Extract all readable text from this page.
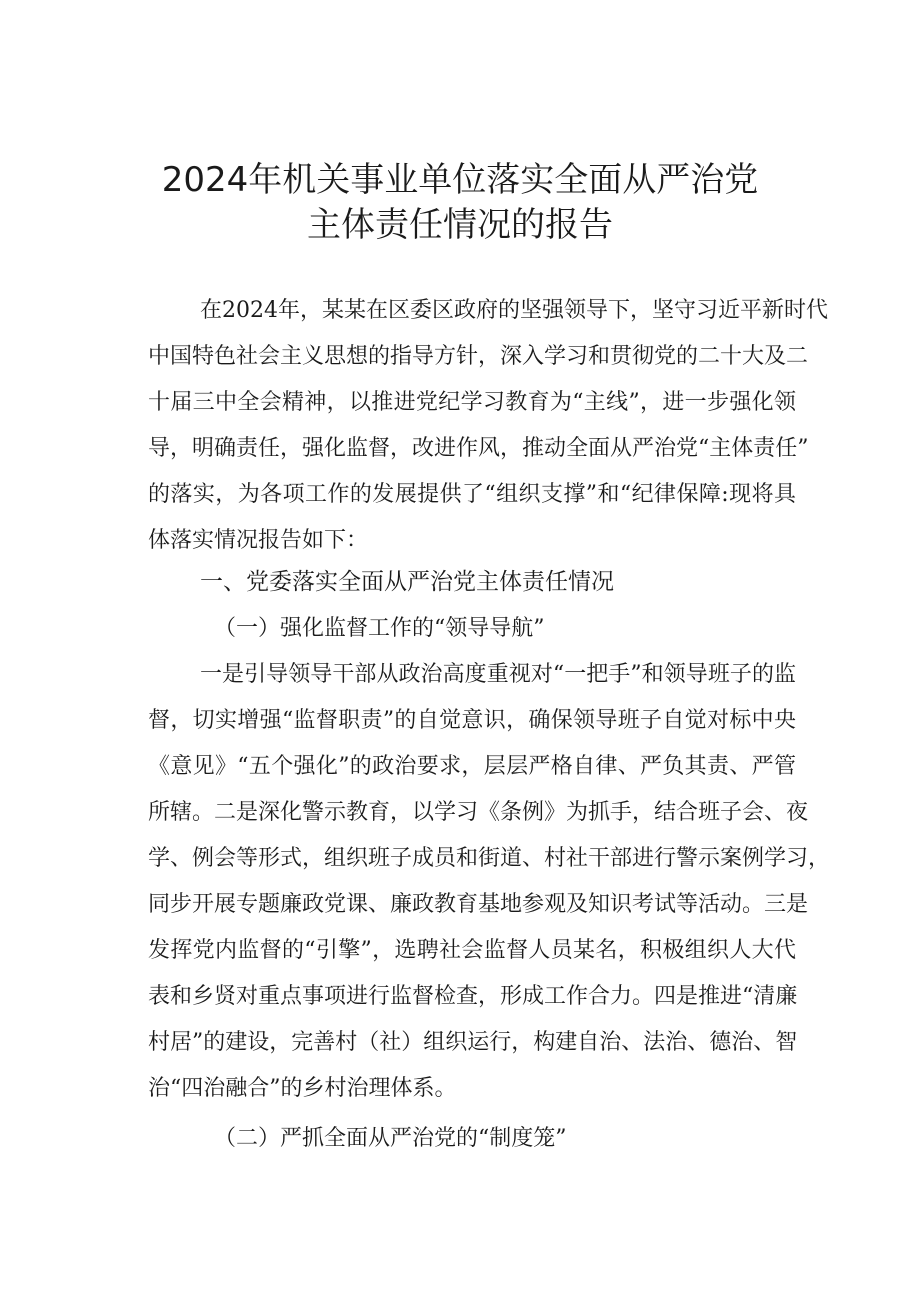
2024年机关事业单位落实全面从严治党
主体责任情况的报告
在2024年，某某在区委区政府的坚强领导下，坚守习近平新时代
中国特色社会主义思想的指导方针，深入学习和贯彻党的二十大及二
十届三中全会精神，以推进党纪学习教育为“主线”，进一步强化领
导，明确责任，强化监督，改进作风，推动全面从严治党“主体责任”
的落实，为各项工作的发展提供了“组织支撑”和“纪律保障:现将具
体落实情况报告如下：
一、党委落实全面从严治党主体责任情况
（一）强化监督工作的“领导导航”
一是引导领导干部从政治高度重视对“一把手”和领导班子的监
督，切实增强“监督职责”的自觉意识，确保领导班子自觉对标中央
《意见》“五个强化”的政治要求，层层严格自律、严负其责、严管
所辖。二是深化警示教育，以学习《条例》为抓手，结合班子会、夜
学、例会等形式，组织班子成员和街道、村社干部进行警示案例学习，
同步开展专题廉政党课、廉政教育基地参观及知识考试等活动。三是
发挥党内监督的“引擎”，选聘社会监督人员某名，积极组织人大代
表和乡贤对重点事项进行监督检查，形成工作合力。四是推进“清廉
村居”的建设，完善村（社）组织运行，构建自治、法治、德治、智
治“四治融合”的乡村治理体系。
（二）严抓全面从严治党的“制度笼”
